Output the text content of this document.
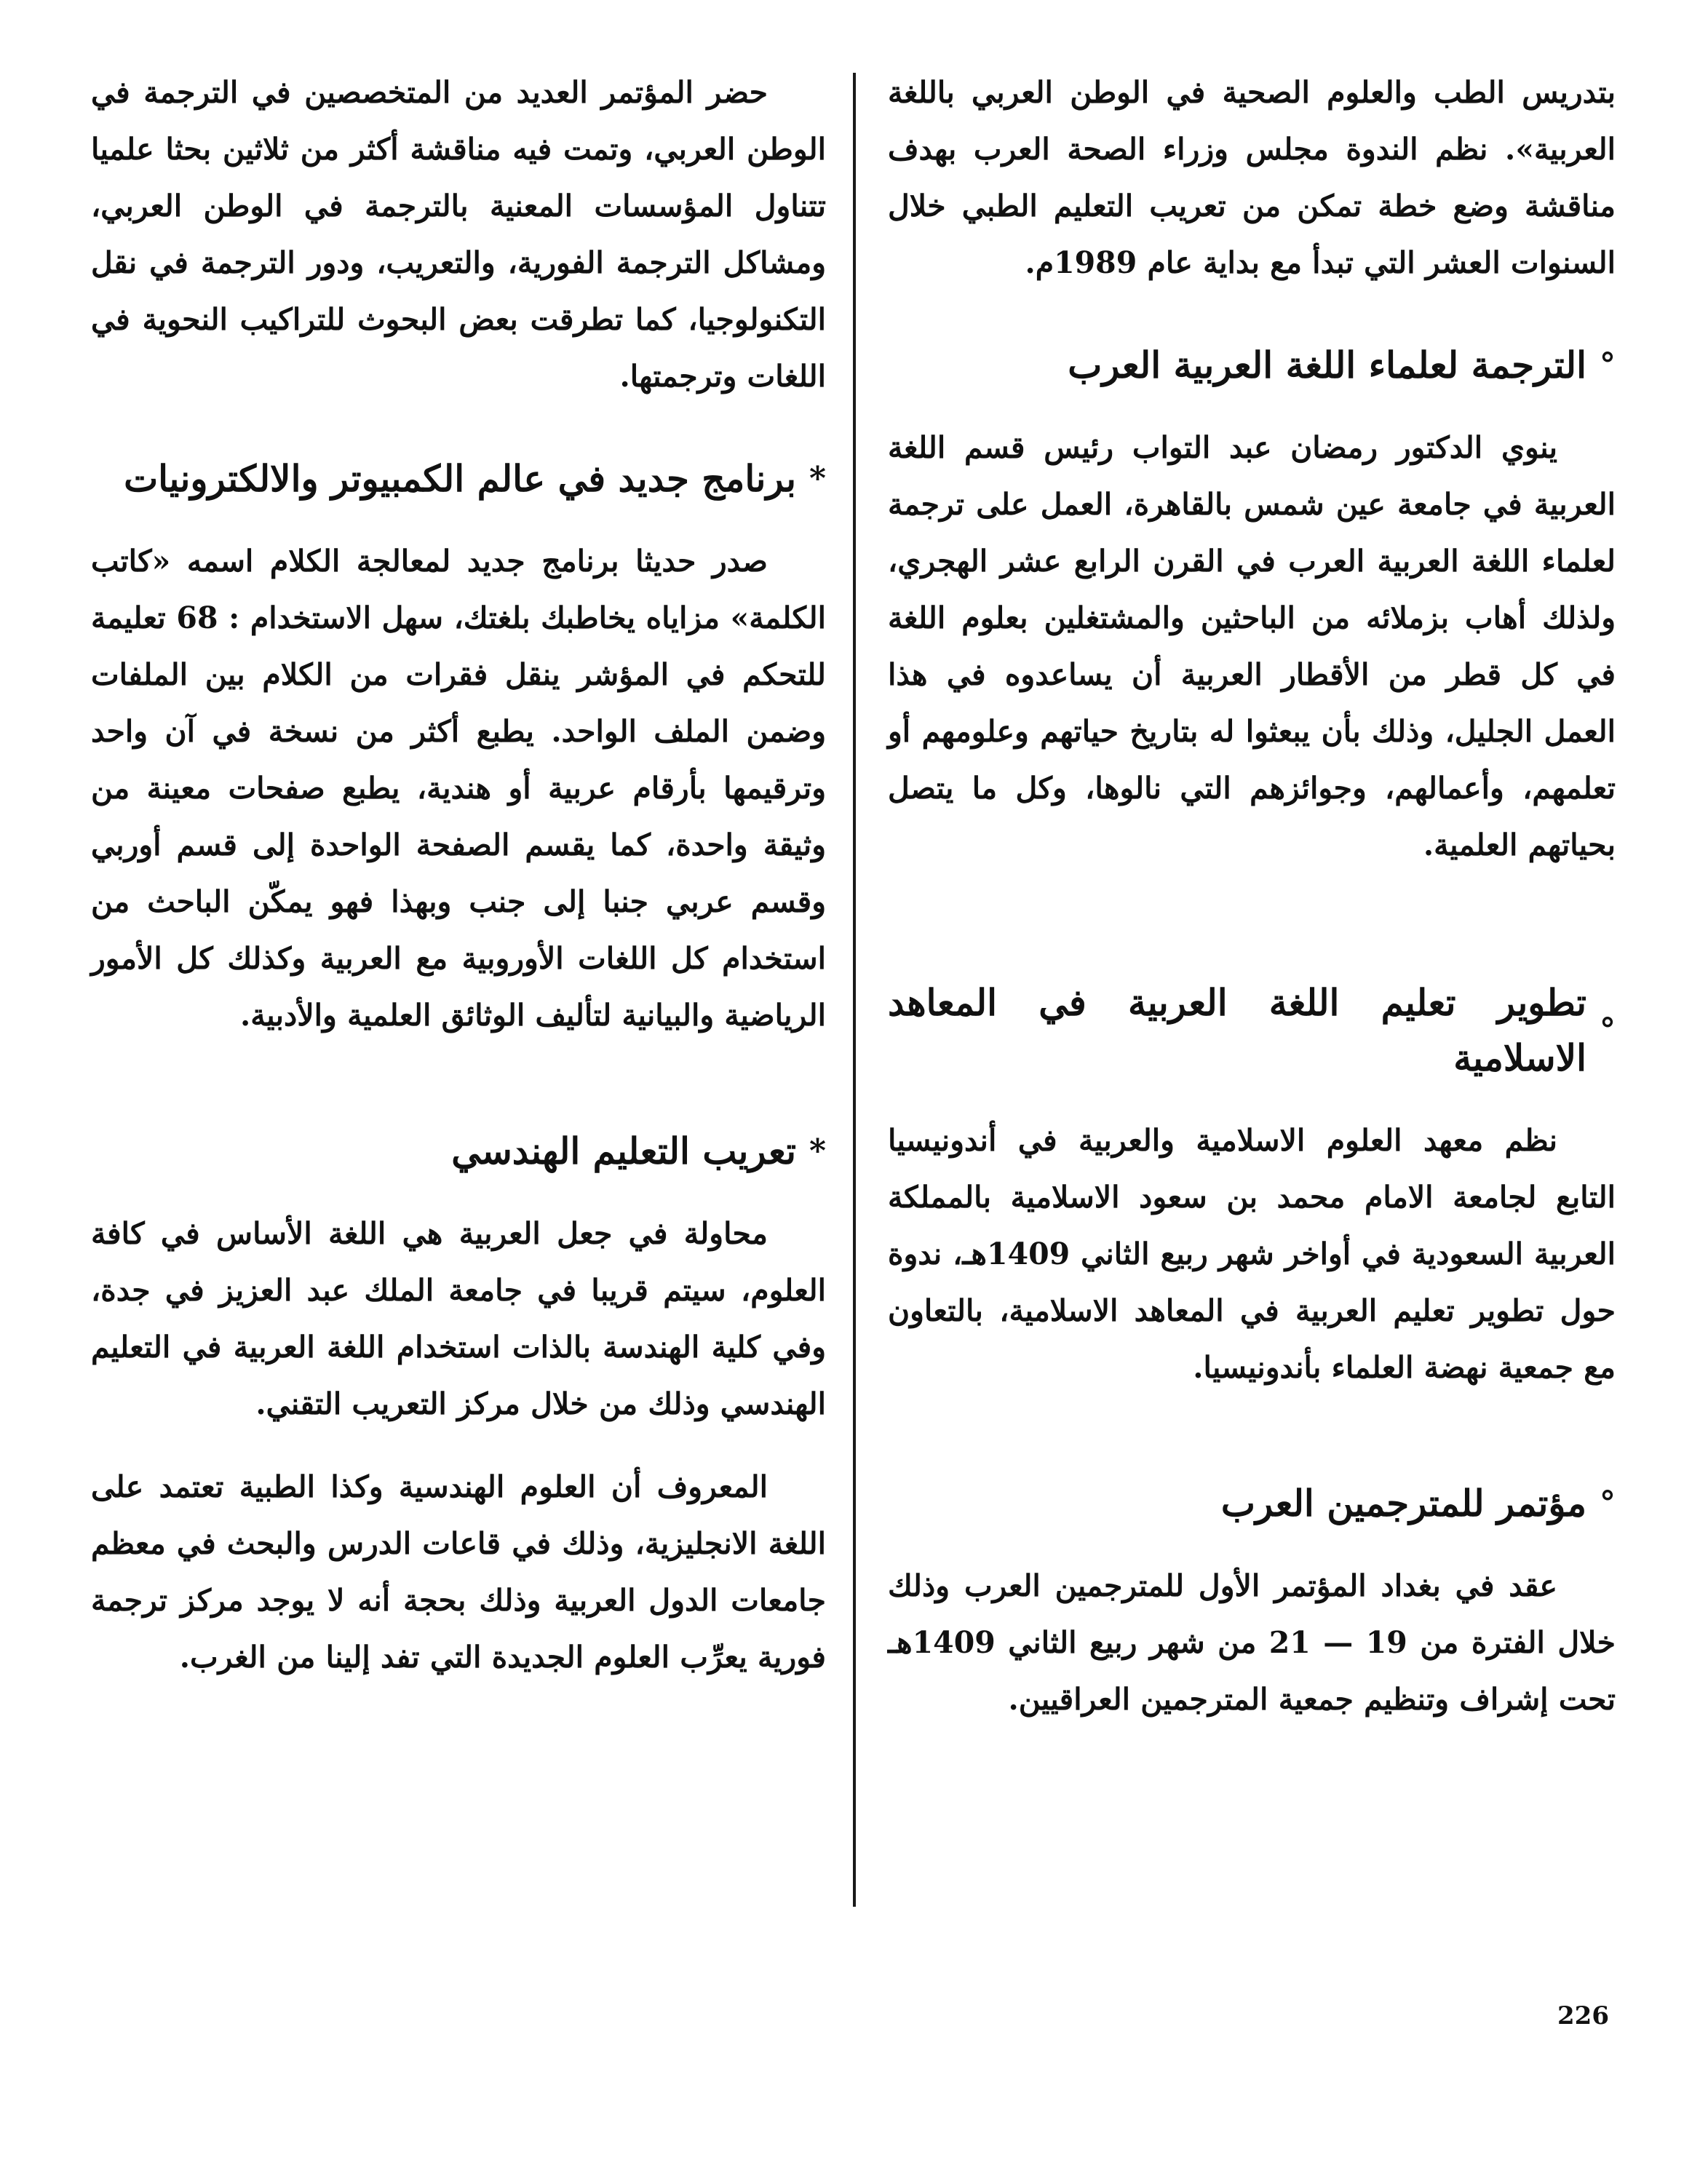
بتدريس الطب والعلوم الصحية في الوطن العربي باللغة العربية». نظم الندوة مجلس وزراء الصحة العرب بهدف مناقشة وضع خطة تمكن من تعريب التعليم الطبي خلال السنوات العشر التي تبدأ مع بداية عام 1989م.

°
الترجمة لعلماء اللغة العربية العرب

ينوي الدكتور رمضان عبد التواب رئيس قسم اللغة العربية في جامعة عين شمس بالقاهرة، العمل على ترجمة لعلماء اللغة العربية العرب في القرن الرابع عشر الهجري، ولذلك أهاب بزملائه من الباحثين والمشتغلين بعلوم اللغة في كل قطر من الأقطار العربية أن يساعدوه في هذا العمل الجليل، وذلك بأن يبعثوا له بتاريخ حياتهم وعلومهم أو تعلمهم، وأعمالهم، وجوائزهم التي نالوها، وكل ما يتصل بحياتهم العلمية.

°
تطوير تعليم اللغة العربية في المعاهد الاسلامية

نظم معهد العلوم الاسلامية والعربية في أندونيسيا التابع لجامعة الامام محمد بن سعود الاسلامية بالمملكة العربية السعودية في أواخر شهر ربيع الثاني 1409هـ، ندوة حول تطوير تعليم العربية في المعاهد الاسلامية، بالتعاون مع جمعية نهضة العلماء بأندونيسيا.

°
مؤتمر للمترجمين العرب

عقد في بغداد المؤتمر الأول للمترجمين العرب وذلك خلال الفترة من 19 — 21 من شهر ربيع الثاني 1409هـ تحت إشراف وتنظيم جمعية المترجمين العراقيين.

حضر المؤتمر العديد من المتخصصين في الترجمة في الوطن العربي، وتمت فيه مناقشة أكثر من ثلاثين بحثا علميا تتناول المؤسسات المعنية بالترجمة في الوطن العربي، ومشاكل الترجمة الفورية، والتعريب، ودور الترجمة في نقل التكنولوجيا، كما تطرقت بعض البحوث للتراكيب النحوية في اللغات وترجمتها.

*
برنامج جديد في عالم الكمبيوتر والالكترونيات

صدر حديثا برنامج جديد لمعالجة الكلام اسمه «كاتب الكلمة» مزاياه يخاطبك بلغتك، سهل الاستخدام : 68 تعليمة للتحكم في المؤشر ينقل فقرات من الكلام بين الملفات وضمن الملف الواحد. يطبع أكثر من نسخة في آن واحد وترقيمها بأرقام عربية أو هندية، يطبع صفحات معينة من وثيقة واحدة، كما يقسم الصفحة الواحدة إلى قسم أوربي وقسم عربي جنبا إلى جنب وبهذا فهو يمكّن الباحث من استخدام كل اللغات الأوروبية مع العربية وكذلك كل الأمور الرياضية والبيانية لتأليف الوثائق العلمية والأدبية.

*
تعريب التعليم الهندسي

محاولة في جعل العربية هي اللغة الأساس في كافة العلوم، سيتم قريبا في جامعة الملك عبد العزيز في جدة، وفي كلية الهندسة بالذات استخدام اللغة العربية في التعليم الهندسي وذلك من خلال مركز التعريب التقني.

المعروف أن العلوم الهندسية وكذا الطبية تعتمد على اللغة الانجليزية، وذلك في قاعات الدرس والبحث في معظم جامعات الدول العربية وذلك بحجة أنه لا يوجد مركز ترجمة فورية يعرِّب العلوم الجديدة التي تفد إلينا من الغرب.

226
